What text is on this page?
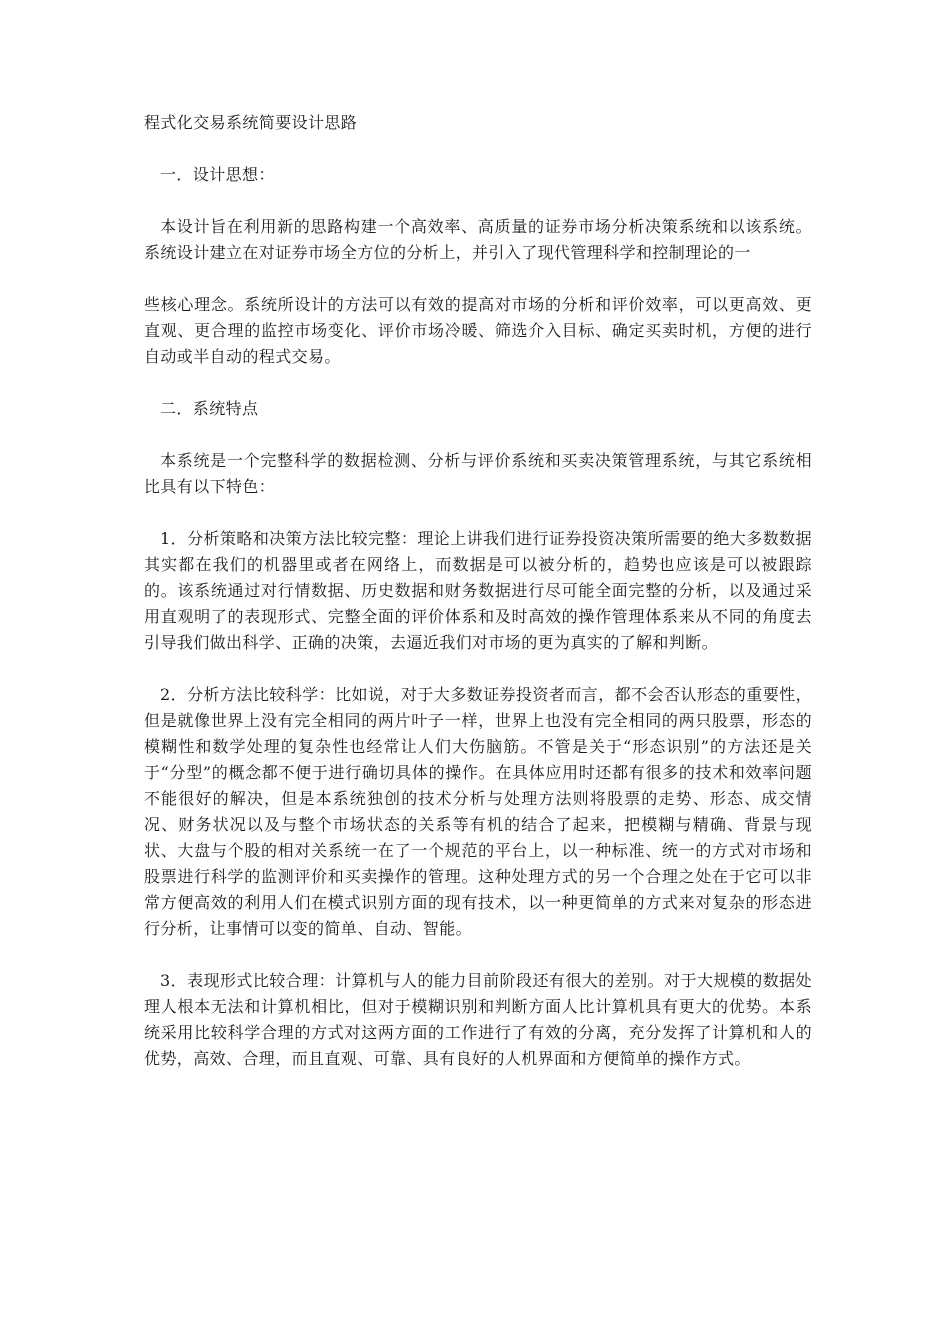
程式化交易系统简要设计思路
一．设计思想：

本设计旨在利用新的思路构建一个高效率、高质量的证券市场分析决策系统和以该系统。系统设计建立在对证券市场全方位的分析上，并引入了现代管理科学和控制理论的一

些核心理念。系统所设计的方法可以有效的提高对市场的分析和评价效率，可以更高效、更直观、更合理的监控市场变化、评价市场冷暖、筛选介入目标、确定买卖时机，方便的进行自动或半自动的程式交易。

二．系统特点

本系统是一个完整科学的数据检测、分析与评价系统和买卖决策管理系统，与其它系统相比具有以下特色：

1．分析策略和决策方法比较完整：理论上讲我们进行证券投资决策所需要的绝大多数数据其实都在我们的机器里或者在网络上，而数据是可以被分析的，趋势也应该是可以被跟踪的。该系统通过对行情数据、历史数据和财务数据进行尽可能全面完整的分析，以及通过采用直观明了的表现形式、完整全面的评价体系和及时高效的操作管理体系来从不同的角度去引导我们做出科学、正确的决策，去逼近我们对市场的更为真实的了解和判断。

2．分析方法比较科学：比如说，对于大多数证券投资者而言，都不会否认形态的重要性，但是就像世界上没有完全相同的两片叶子一样，世界上也没有完全相同的两只股票，形态的模糊性和数学处理的复杂性也经常让人们大伤脑筋。不管是关于“形态识别”的方法还是关于“分型”的概念都不便于进行确切具体的操作。在具体应用时还都有很多的技术和效率问题不能很好的解决，但是本系统独创的技术分析与处理方法则将股票的走势、形态、成交情况、财务状况以及与整个市场状态的关系等有机的结合了起来，把模糊与精确、背景与现状、大盘与个股的相对关系统一在了一个规范的平台上，以一种标准、统一的方式对市场和股票进行科学的监测评价和买卖操作的管理。这种处理方式的另一个合理之处在于它可以非常方便高效的利用人们在模式识别方面的现有技术，以一种更简单的方式来对复杂的形态进行分析，让事情可以变的简单、自动、智能。

3．表现形式比较合理：计算机与人的能力目前阶段还有很大的差别。对于大规模的数据处理人根本无法和计算机相比，但对于模糊识别和判断方面人比计算机具有更大的优势。本系统采用比较科学合理的方式对这两方面的工作进行了有效的分离，充分发挥了计算机和人的优势，高效、合理，而且直观、可靠、具有良好的人机界面和方便简单的操作方式。
